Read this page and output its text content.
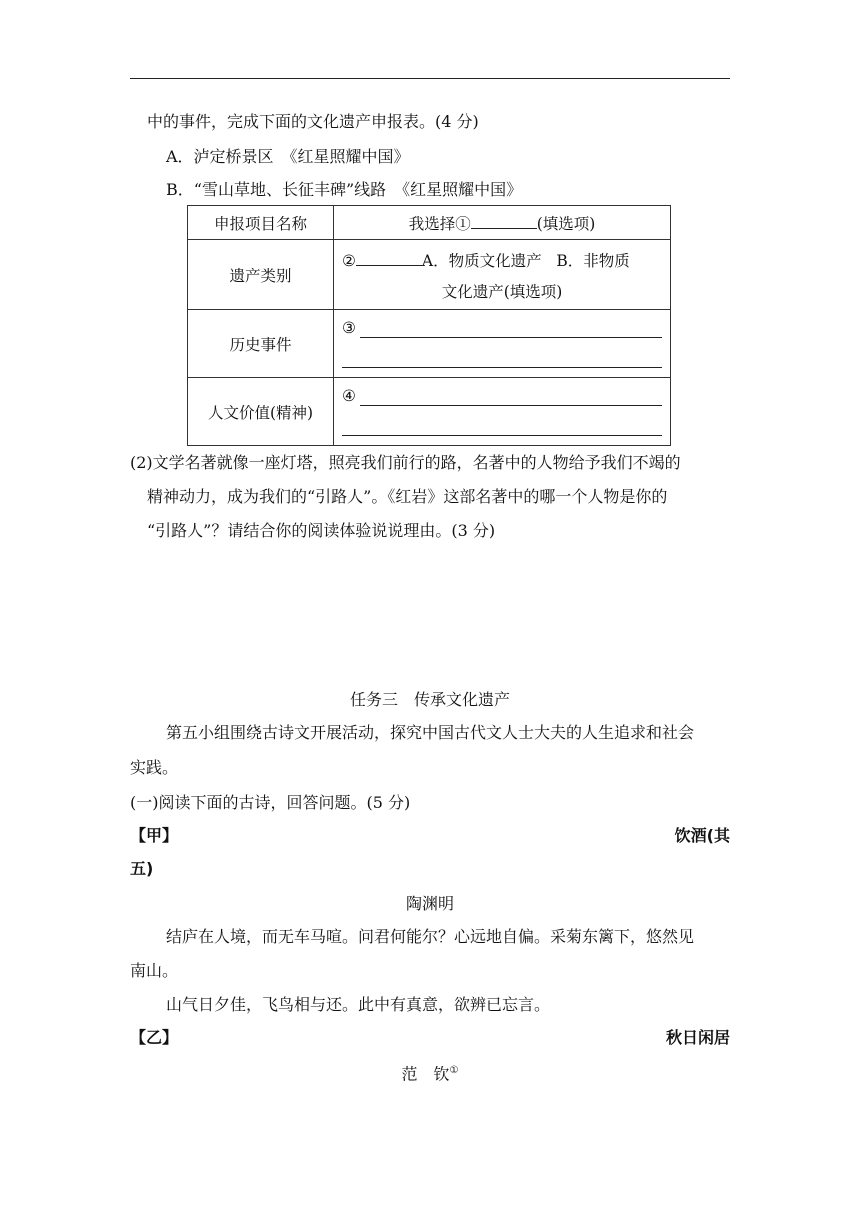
中的事件，完成下面的文化遗产申报表。(4 分)
A．泸定桥景区　《红星照耀中国》
B．“雪山草地、长征丰碑”线路　《红星照耀中国》
申报项目名称	我选择① (填选项)
遗产类别	② A．物质文化遗产 B．非物质
文化遗产(填选项)

历史事件	③

人文价值(精神)	④
(2)文学名著就像一座灯塔，照亮我们前行的路，名著中的人物给予我们不竭的
精神动力，成为我们的“引路人”。《红岩》这部名著中的哪一个人物是你的
“引路人”？请结合你的阅读体验说说理由。(3 分)
任务三　传承文化遗产
第五小组围绕古诗文开展活动，探究中国古代文人士大夫的人生追求和社会
实践。
(一)阅读下面的古诗，回答问题。(5 分)
【甲】	饮酒(其
五)
陶渊明
结庐在人境，而无车马喧。问君何能尔？心远地自偏。采菊东篱下，悠然见
南山。
山气日夕佳，飞鸟相与还。此中有真意，欲辨已忘言。
【乙】	秋日闲居
范　钦①
